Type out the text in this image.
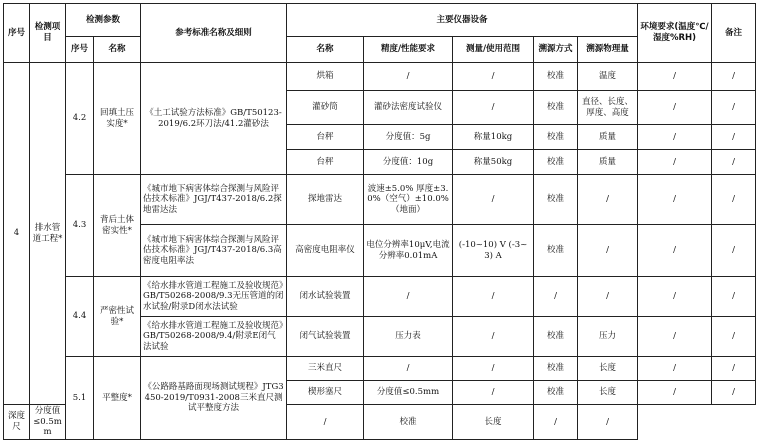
序号	检测项目	检测参数		参考标准名称及细则	主要仪器设备					环境要求(温度℃/湿度%RH)	备注
		序号	名称		名称	精度/性能要求	测量/使用范围	溯源方式	溯源物理量		
4	排水管道工程*	4.2	回填土压实度*	《土工试验方法标准》GB/T50123-2019/6.2环刀法/41.2灌砂法	烘箱	/	/	校准	温度	/	/
					灌砂筒	灌砂法密度试验仪	/	校准	直径、长度、厚度、高度	/	/
					台秤	分度值：5g	称量10kg	校准	质量	/	/
					台秤	分度值：10g	称量50kg	校准	质量	/	/
		4.3	背后土体密实性*	《城市地下病害体综合探测与风险评估技术标准》JGJ/T437-2018/6.2探地雷达法	探地雷达	波速±5.0% 厚度±3.0%（空气）±10.0%（地面）	/	校准	/	/	/
				《城市地下病害体综合探测与风险评估技术标准》JGJ/T437-2018/6.3高密度电阻率法	高密度电阻率仪	电位分辨率10μV,电流分辨率0.01mA	(-10~10) V (-3~3) A	校准	/	/	/
		4.4	严密性试验*	《给水排水管道工程施工及验收规范》GB/T50268-2008/9.3无压管道的闭水试验/附录D闭水法试验	闭水试验装置	/	/	/	/	/	/
				《给水排水管道工程施工及验收规范》GB/T50268-2008/9.4/附录E闭气法试验	闭气试验装置	压力表	/	校准	压力	/	/
		5.1	平整度*	《公路路基路面现场测试规程》JTG3450-2019/T0931-2008三米直尺测试平整度方法	三米直尺	/	/	校准	长度	/	/
					楔形塞尺	分度值≤0.5mm	/	校准	长度	/	/
深度尺	分度值≤0.5mm				/	校准	长度	/	/		
